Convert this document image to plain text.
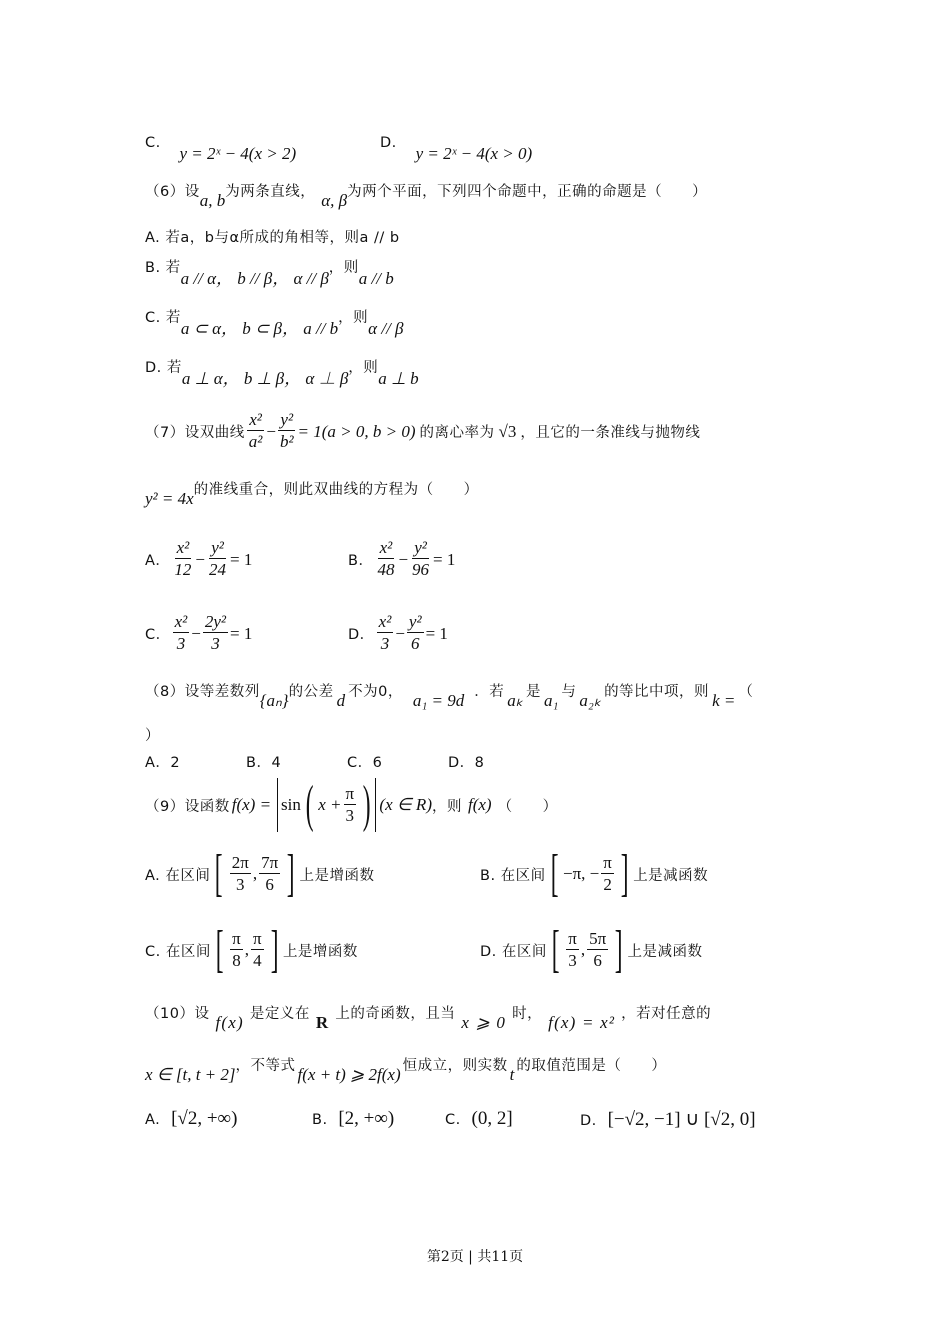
C. y = 2ˣ − 4(x > 2)
D. y = 2ˣ − 4(x > 0)
（6）设a, b为两条直线， α, β为两个平面，下列四个命题中，正确的命题是（　　）
A. 若a，b与α所成的角相等，则a // b
B. 若a // α， b // β， α // β，则a // b
C. 若a ⊂ α， b ⊂ β， a // b，则α // β
D. 若a ⊥ α， b ⊥ β， α ⊥ β，则a ⊥ b
（7）设双曲线 $\frac{\text{x²}}{\text{a²}} - \frac{\text{y²}}{\text{b²}} = 1(a > 0$, b > 0) 的离心率为 √3 ，且它的一条准线与抛物线
y² = 4x的准线重合，则此双曲线的方程为（　　）
A． $\frac{\text{x²}}{12} - \frac{\text{y²}}{24} = 1$	B． $\frac{\text{x²}}{48} - \frac{\text{y²}}{96} = 1$
C． $\frac{\text{x²}}{3} - \frac{\text{2y²}}{3} = 1$	D． $\frac{\text{x²}}{3} - \frac{\text{y²}}{6} = 1$
（8）设等差数列{aₙ}的公差 d 不为0， a₁ = 9d ．若 aₖ 是 a₁ 与 a₂ₖ 的等比中项，则 k = （
）
A．2	B．4	C．6	D．8
（9）设函数 f(x) = sin ( $x + \frac{\pi}{3}$ ) (x ∈ R) ，则 f(x) （　　）
A. 在区间 [ $\frac{2\pi}{3}$ , $\frac{7\pi}{6}$ ] 上是增函数	B. 在区间 [ −π, − $\frac{\pi}{2}$ ] 上是减函数
C. 在区间 [ $\frac{\pi}{8}$ , $\frac{\pi}{4}$ ] 上是增函数	D. 在区间 [ $\frac{\pi}{3}$ , $\frac{5\pi}{6}$ ] 上是减函数
（10）设 f(x) 是定义在 R 上的奇函数，且当 x ⩾ 0 时， f(x) = x² ，若对任意的
x ∈ [t, t + 2]，不等式 f(x + t) ⩾ 2f(x) 恒成立，则实数 t 的取值范围是（　　）
A. [√2, +∞)	B. [2, +∞)	C. (0, 2]	D. [−√2, −1] ∪ [√2, 0]
第2页 | 共11页
